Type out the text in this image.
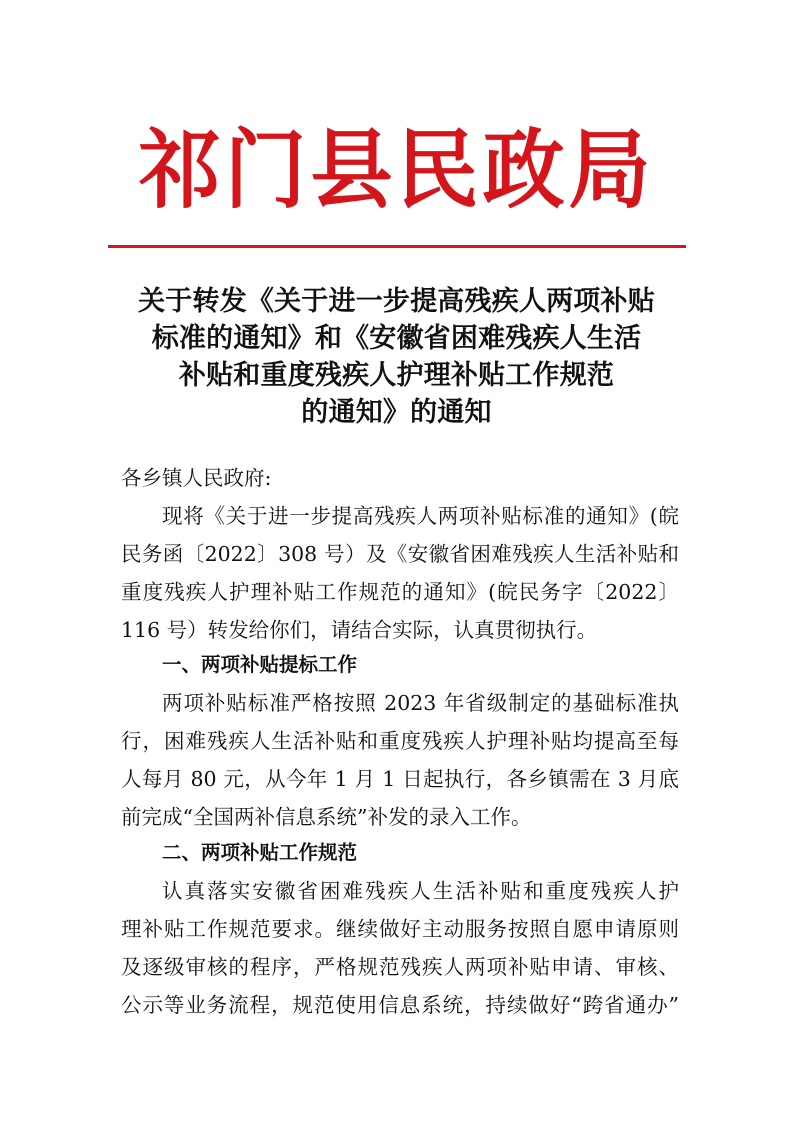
祁门县民政局
关于转发《关于进一步提高残疾人两项补贴
标准的通知》和《安徽省困难残疾人生活
补贴和重度残疾人护理补贴工作规范
的通知》的通知
各乡镇人民政府:
现将《关于进一步提高残疾人两项补贴标准的通知》(皖
民务函〔2022〕308 号）及《安徽省困难残疾人生活补贴和
重度残疾人护理补贴工作规范的通知》(皖民务字〔2022〕
116 号）转发给你们，请结合实际，认真贯彻执行。
一、两项补贴提标工作
两项补贴标准严格按照 2023 年省级制定的基础标准执
行，困难残疾人生活补贴和重度残疾人护理补贴均提高至每
人每月 80 元，从今年 1 月 1 日起执行，各乡镇需在 3 月底
前完成“全国两补信息系统”补发的录入工作。
二、两项补贴工作规范
认真落实安徽省困难残疾人生活补贴和重度残疾人护
理补贴工作规范要求。继续做好主动服务按照自愿申请原则
及逐级审核的程序，严格规范残疾人两项补贴申请、审核、
公示等业务流程，规范使用信息系统，持续做好“跨省通办”
